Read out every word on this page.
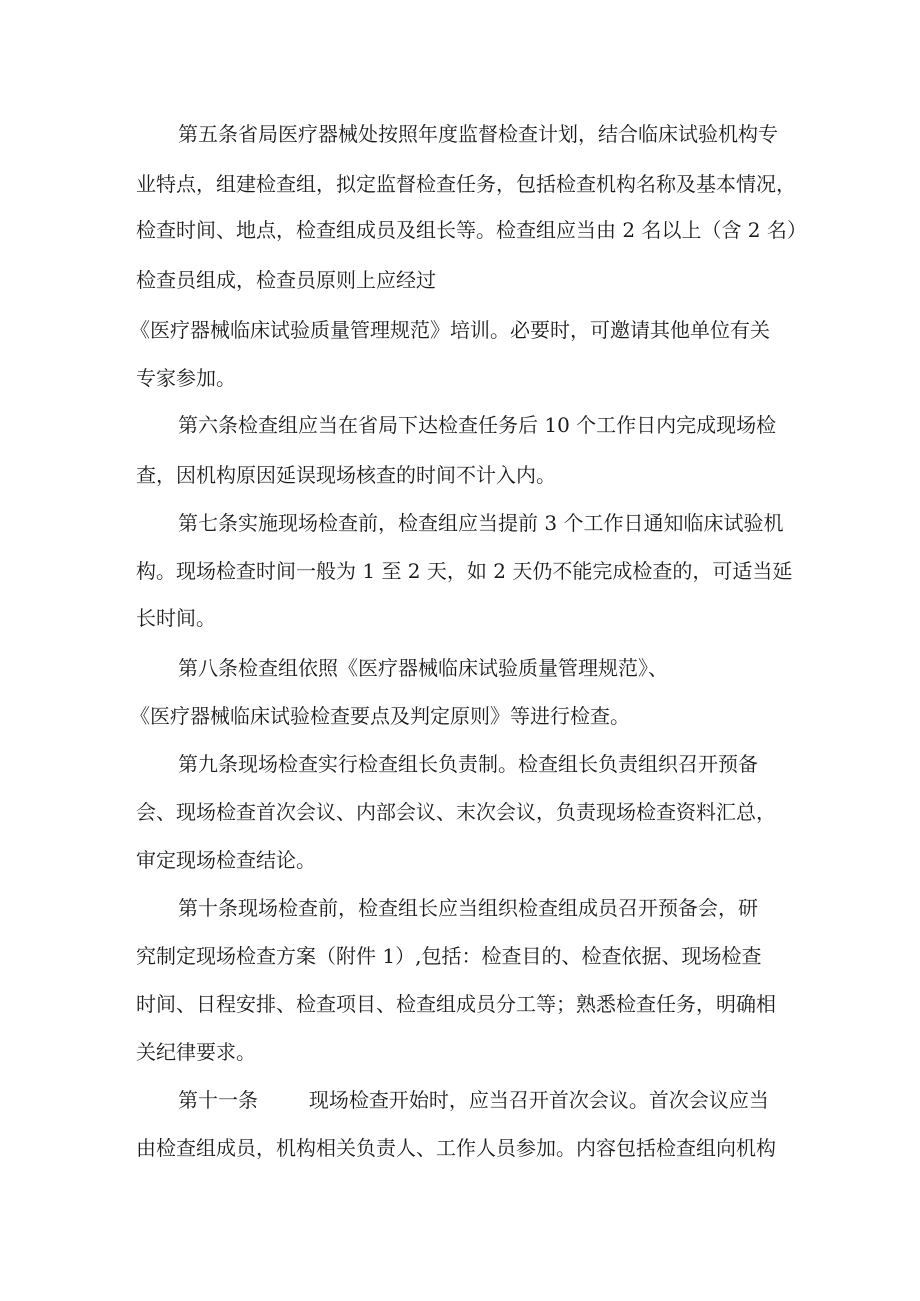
第五条省局医疗器械处按照年度监督检查计划，结合临床试验机构专
业特点，组建检查组，拟定监督检查任务，包括检查机构名称及基本情况，
检查时间、地点，检查组成员及组长等。检查组应当由 2 名以上（含 2 名）
检查员组成，检查员原则上应经过
《医疗器械临床试验质量管理规范》培训。必要时，可邀请其他单位有关
专家参加。
第六条检查组应当在省局下达检查任务后 10 个工作日内完成现场检
查，因机构原因延误现场核查的时间不计入内。
第七条实施现场检查前，检查组应当提前 3 个工作日通知临床试验机
构。现场检查时间一般为 1 至 2 天，如 2 天仍不能完成检查的，可适当延
长时间。
第八条检查组依照《医疗器械临床试验质量管理规范》、
《医疗器械临床试验检查要点及判定原则》等进行检查。
第九条现场检查实行检查组长负责制。检查组长负责组织召开预备
会、现场检查首次会议、内部会议、末次会议，负责现场检查资料汇总，
审定现场检查结论。
第十条现场检查前，检查组长应当组织检查组成员召开预备会，研
究制定现场检查方案（附件 1）,包括：检查目的、检查依据、现场检查
时间、日程安排、检查项目、检查组成员分工等；熟悉检查任务，明确相
关纪律要求。
第十一条        现场检查开始时，应当召开首次会议。首次会议应当
由检查组成员，机构相关负责人、工作人员参加。内容包括检查组向机构
